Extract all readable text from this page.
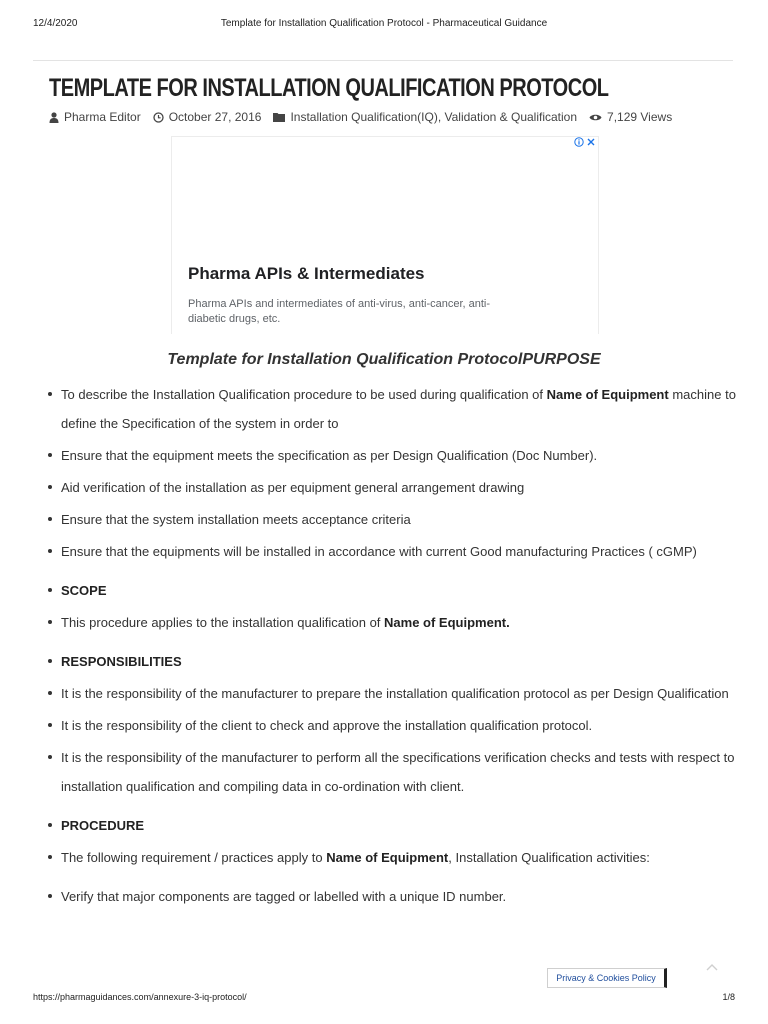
12/4/2020	Template for Installation Qualification Protocol - Pharmaceutical Guidance
TEMPLATE FOR INSTALLATION QUALIFICATION PROTOCOL
Pharma Editor October 27, 2016 Installation Qualification(IQ), Validation & Qualification	7,129 Views
Pharma APIs & Intermediates
Pharma APIs and intermediates of anti-virus, anti-cancer, anti-diabetic drugs, etc.
Template for Installation Qualification ProtocolPURPOSE
To describe the Installation Qualification procedure to be used during qualification of Name of Equipment machine to define the Specification of the system in order to
Ensure that the equipment meets the specification as per Design Qualification (Doc Number).
Aid verification of the installation as per equipment general arrangement drawing
Ensure that the system installation meets acceptance criteria
Ensure that the equipments will be installed in accordance with current Good manufacturing Practices ( cGMP)
SCOPE
This procedure applies to the installation qualification of Name of Equipment.
RESPONSIBILITIES
It is the responsibility of the manufacturer to prepare the installation qualification protocol as per Design Qualification
It is the responsibility of the client to check and approve the installation qualification protocol.
It is the responsibility of the manufacturer to perform all the specifications verification checks and tests with respect to installation qualification and compiling data in co-ordination with client.
PROCEDURE
The following requirement / practices apply to Name of Equipment, Installation Qualification activities:
Verify that major components are tagged or labelled with a unique ID number.
Privacy & Cookies Policy
https://pharmaguidances.com/annexure-3-iq-protocol/	1/8
